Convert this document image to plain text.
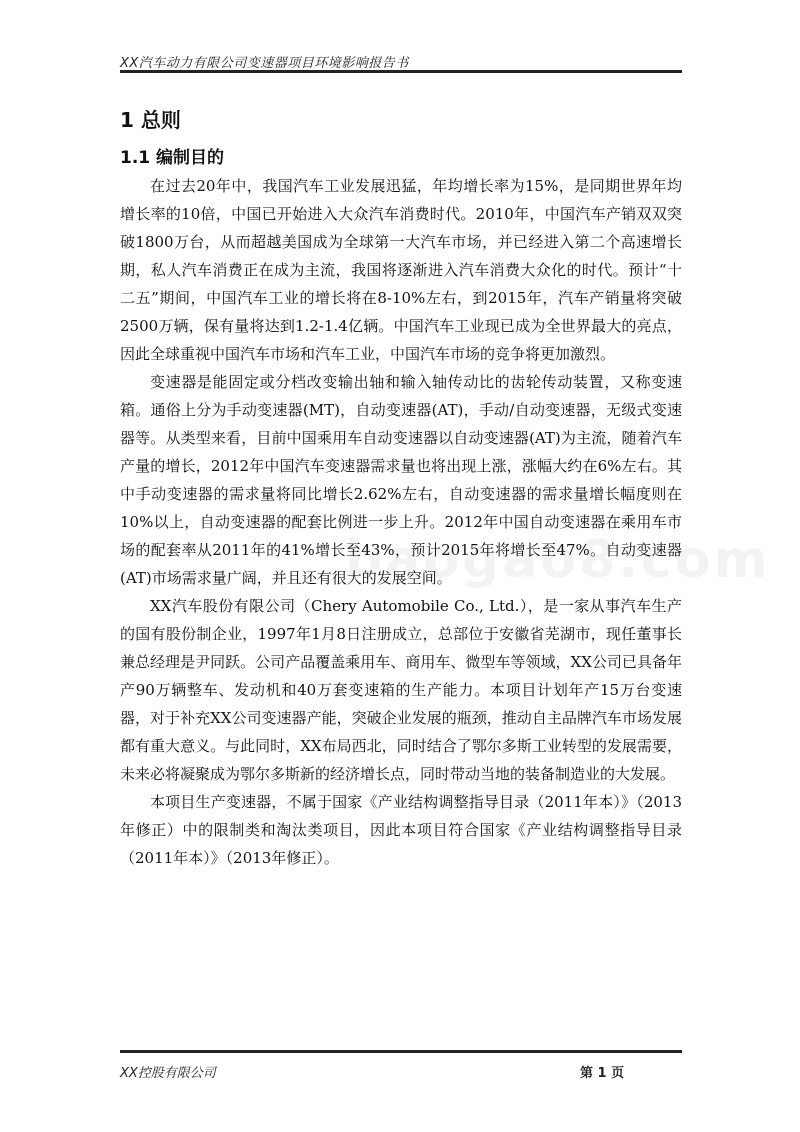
XX汽车动力有限公司变速器项目环境影响报告书
1 总则
1.1 编制目的

在过去20年中，我国汽车工业发展迅猛，年均增长率为15%，是同期世界年均增长率的10倍，中国已开始进入大众汽车消费时代。2010年，中国汽车产销双双突破1800万台，从而超越美国成为全球第一大汽车市场，并已经进入第二个高速增长期，私人汽车消费正在成为主流，我国将逐渐进入汽车消费大众化的时代。预计“十二五”期间，中国汽车工业的增长将在8-10%左右，到2015年，汽车产销量将突破2500万辆，保有量将达到1.2-1.4亿辆。中国汽车工业现已成为全世界最大的亮点，因此全球重视中国汽车市场和汽车工业，中国汽车市场的竞争将更加激烈。

变速器是能固定或分档改变输出轴和输入轴传动比的齿轮传动装置，又称变速箱。通俗上分为手动变速器(MT)，自动变速器(AT)，手动/自动变速器，无级式变速器等。从类型来看，目前中国乘用车自动变速器以自动变速器(AT)为主流，随着汽车产量的增长，2012年中国汽车变速器需求量也将出现上涨，涨幅大约在6%左右。其中手动变速器的需求量将同比增长2.62%左右，自动变速器的需求量增长幅度则在10%以上，自动变速器的配套比例进一步上升。2012年中国自动变速器在乘用车市场的配套率从2011年的41%增长至43%，预计2015年将增长至47%。自动变速器(AT)市场需求量广阔，并且还有很大的发展空间。

XX汽车股份有限公司（Chery Automobile Co., Ltd.），是一家从事汽车生产的国有股份制企业，1997年1月8日注册成立，总部位于安徽省芜湖市，现任董事长兼总经理是尹同跃。公司产品覆盖乘用车、商用车、微型车等领域，XX公司已具备年产90万辆整车、发动机和40万套变速箱的生产能力。本项目计划年产15万台变速器，对于补充XX公司变速器产能，突破企业发展的瓶颈，推动自主品牌汽车市场发展都有重大意义。与此同时，XX布局西北，同时结合了鄂尔多斯工业转型的发展需要，未来必将凝聚成为鄂尔多斯新的经济增长点，同时带动当地的装备制造业的大发展。

本项目生产变速器，不属于国家《产业结构调整指导目录（2011年本）》（2013年修正）中的限制类和淘汰类项目，因此本项目符合国家《产业结构调整指导目录（2011年本）》（2013年修正）。

XX控股有限公司	第 1 页
